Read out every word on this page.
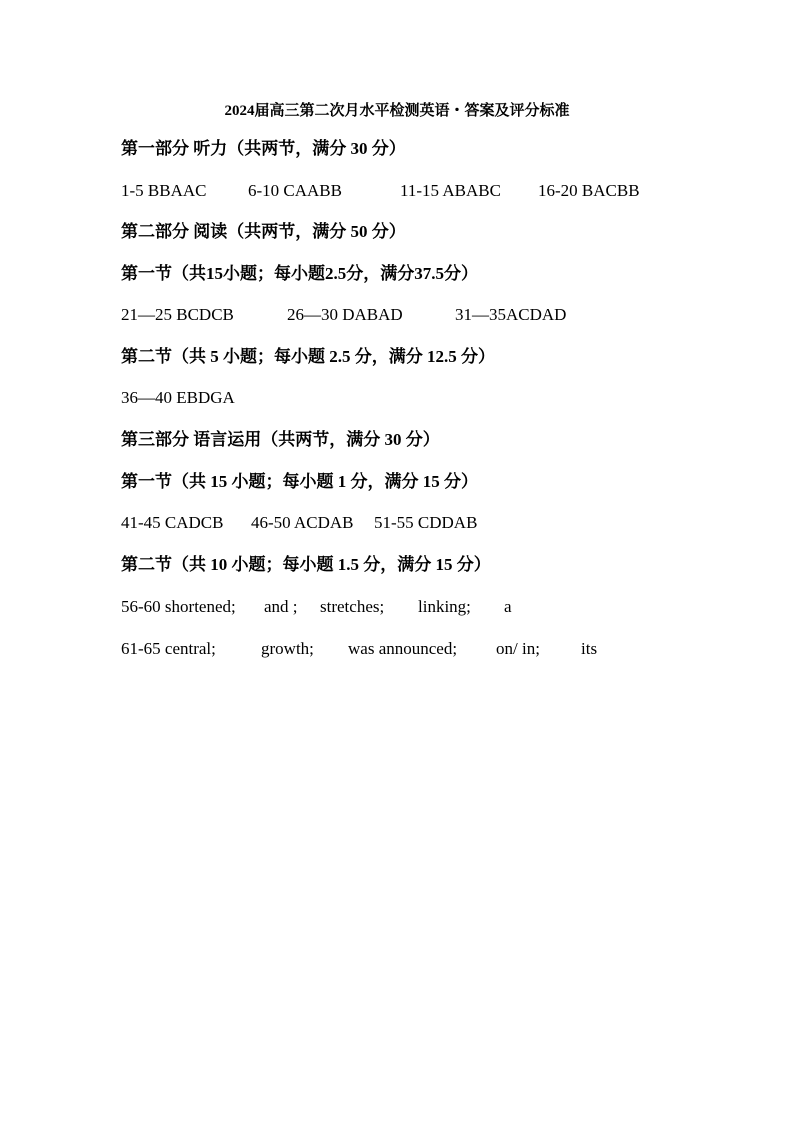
2024届高三第二次月水平检测英语・答案及评分标准
第一部分 听力（共两节，满分 30 分）
1-5 BBAAC 6-10 CAABB	11-15 ABABC 16-20 BACBB
第二部分 阅读（共两节，满分 50 分）
第一节（共15小题；每小题2.5分，满分37.5分）
21—25 BCDCB	26—30 DABAD	31—35ACDAD
第二节（共 5 小题；每小题 2.5 分，满分 12.5 分）
36—40 EBDGA
第三部分 语言运用（共两节，满分 30 分）
第一节（共 15 小题；每小题 1 分，满分 15 分）
41-45 CADCB 46-50 ACDAB 51-55 CDDAB
第二节（共 10 小题；每小题 1.5 分，满分 15 分）
56-60 shortened; and ; stretches; linking; a
61-65 central;	growth; was announced; on/ in; its
